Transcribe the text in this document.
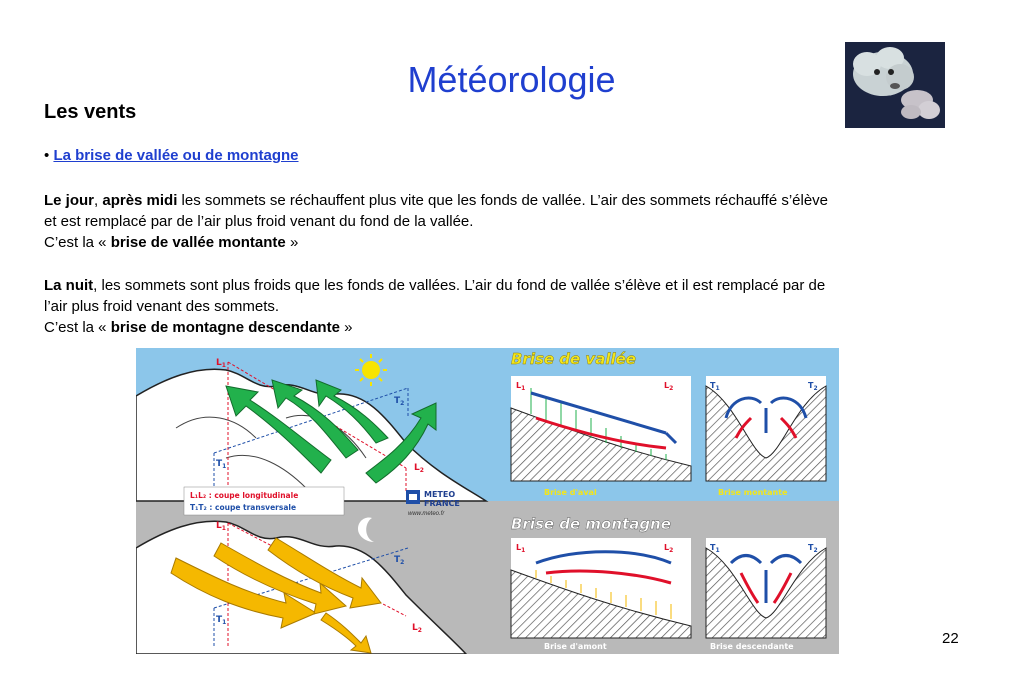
Météorologie
Les vents
• La brise de vallée ou de montagne
Le jour, après midi les sommets se réchauffent plus vite que les fonds de vallée. L’air des sommets réchauffé s’élève et est remplacé par de l’air plus froid venant du fond de la vallée.
C’est la « brise de vallée montante »
La nuit, les sommets sont plus froids que les fonds de vallées. L’air du fond de vallée s’élève et il est remplacé par de l’air plus froid venant des sommets.
C’est la « brise de montagne descendante »
$L_1$
$L_2$
$T_1$
$T_2$
L₁L₂ : coupe longitudinale
T₁T₂ : coupe transversale
METEO
FRANCE
www.meteo.fr
Brise de vallée
$L_1$	$L_2$
Brise d'aval
$T_1$	$T_2$
Brise montante
$L_1$
$L_2$
$T_1$
$T_2$
Brise de montagne
$L_1$	$L_2$
Brise d'amont
$T_1$	$T_2$
Brise descendante	22
